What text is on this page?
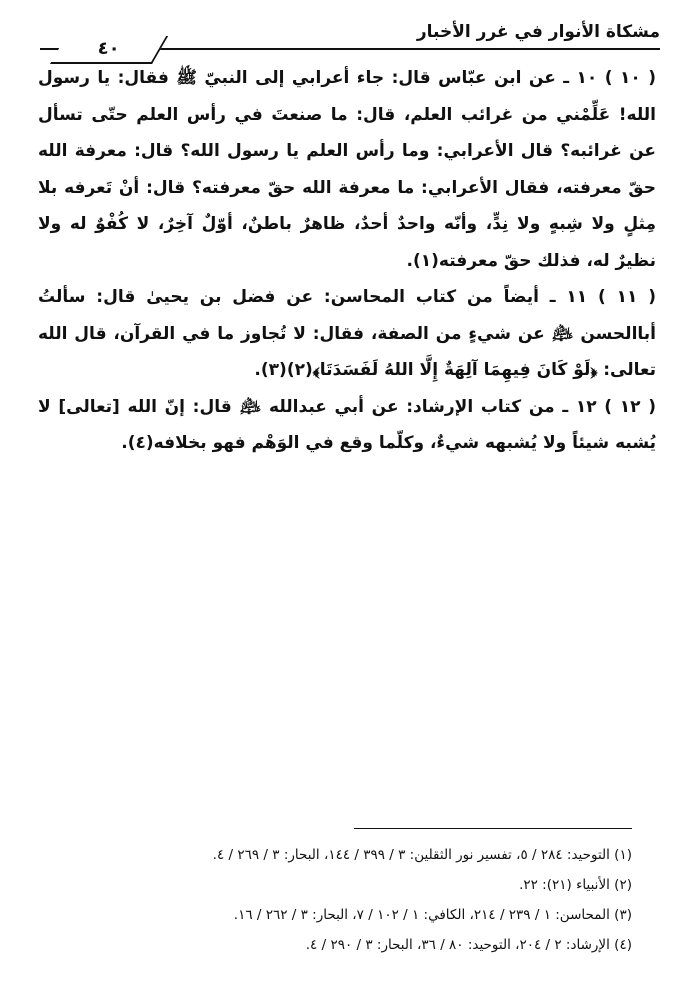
مشكاة الأنوار في غرر الأخبار
٤٠

( ١٠ ) ١٠ ـ عن ابن عبّاس قال: جاء أعرابي إلى النبيّ ﷺ فقال: يا رسول الله! عَلِّمْني من غرائب العلم، قال: ما صنعتَ في رأس العلم حتّى تسأل عن غرائبه؟ قال الأعرابي: وما رأس العلم يا رسول الله؟ قال: معرفة الله حقّ معرفته، فقال الأعرابي: ما معرفة الله حقّ معرفته؟ قال: أنْ تَعرفه بلا مِثلٍ ولا شِبهٍ ولا نِدٍّ، وأنّه واحدٌ أحدٌ، ظاهرٌ باطنٌ، أوّلٌ آخِرٌ، لا كُفْوٌ له ولا نظيرٌ له، فذلك حقّ معرفته(١).

( ١١ ) ١١ ـ أيضاً من كتاب المحاسن: عن فضل بن يحيىٰ قال: سألتُ أباالحسن ﵇ عن شيءٍ من الصفة، فقال: لا تُجاوز ما في القرآن، قال الله تعالى: ﴿لَوْ كَانَ فِيهِمَا آلِهَةٌ إِلَّا اللهُ لَفَسَدَتَا﴾(٢)(٣).

( ١٢ ) ١٢ ـ من كتاب الإرشاد: عن أبي عبدالله ﵇ قال: إنّ الله [تعالى] لا يُشبه شيئاً ولا يُشبهه شيءٌ، وكلّما وقع في الوَهْم فهو بخلافه(٤).

(١) التوحيد: ٢٨٤ / ٥، تفسير نور الثقلين: ٣ / ٣٩٩ / ١٤٤، البحار: ٣ / ٢٦٩ / ٤.
(٢) الأنبياء (٢١): ٢٢.
(٣) المحاسن: ١ / ٢٣٩ / ٢١٤، الكافي: ١ / ١٠٢ / ٧، البحار: ٣ / ٢٦٢ / ١٦.
(٤) الإرشاد: ٢ / ٢٠٤، التوحيد: ٨٠ / ٣٦، البحار: ٣ / ٢٩٠ / ٤.
